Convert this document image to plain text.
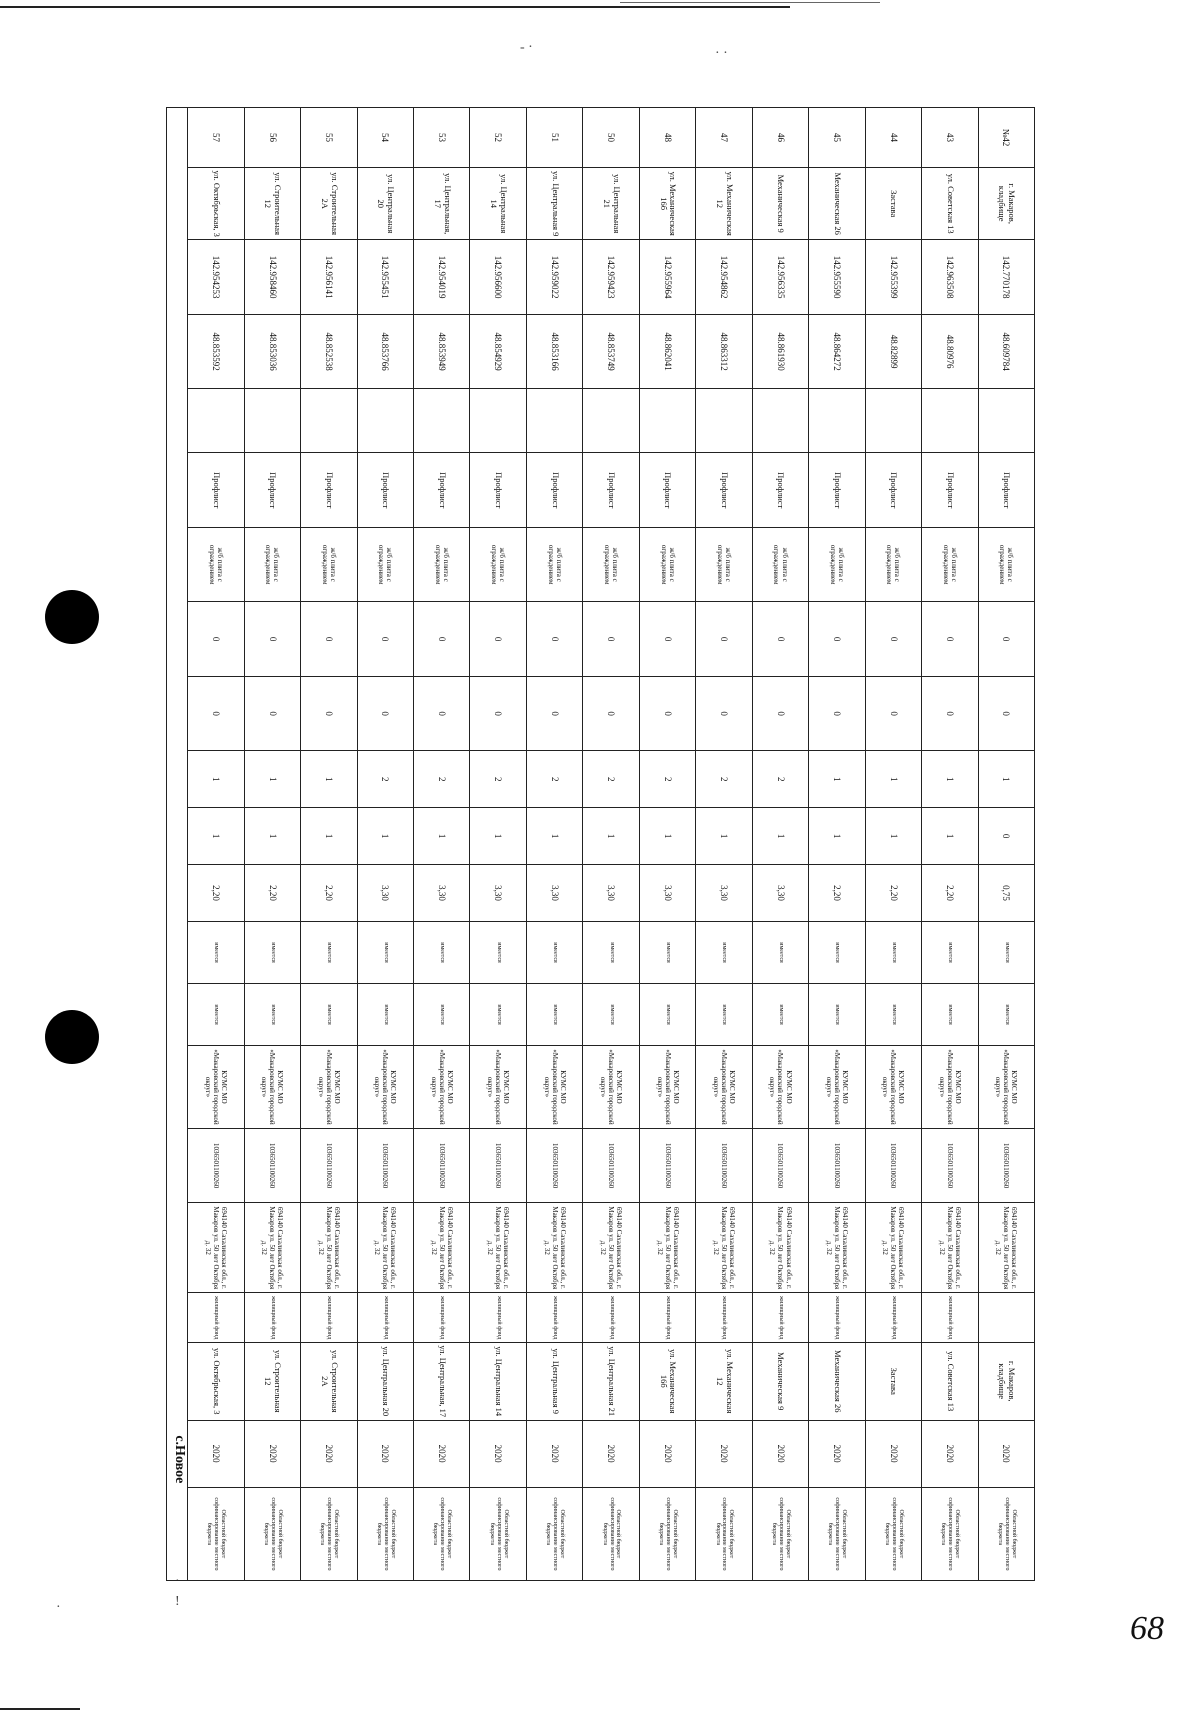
- ·	· ·
·	!
·
№42	г. Макаров, кладбище	142.770178	48.609784		Профлист	ж/б плита с ограждением	0	0	1	0	0,75	имеется	имеется	КУМС МО «Макаровский городской округ»	1036501100260	694140 Сахалинская обл., г. Макаров ул. 50 лет Октября д. 32		г. Макаров, кладбище	2020	Областной бюджет софинансирование местного бюджета
43	ул. Советская 13	142.963508	48.80976		Профлист	ж/б плита с ограждением	0	0	1	1	2,20	имеется	имеется	КУМС МО «Макаровский городской округ»	1036501100260	694140 Сахалинская обл., г. Макаров ул. 50 лет Октября д. 32	жилищный фонд	ул. Советская 13	2020	Областной бюджет софинансирование местного бюджета
44	Заставa	142.955399	48.82899		Профлист	ж/б плита с ограждением	0	0	1	1	2,20	имеется	имеется	КУМС МО «Макаровский городской округ»	1036501100260	694140 Сахалинская обл., г. Макаров ул. 50 лет Октября д. 32	жилищный фонд	Заставa	2020	Областной бюджет софинансирование местного бюджета
45	Механическая 26	142.955590	48.864272		Профлист	ж/б плита с ограждением	0	0	1	1	2,20	имеется	имеется	КУМС МО «Макаровский городской округ»	1036501100260	694140 Сахалинская обл., г. Макаров ул. 50 лет Октября д. 32	жилищный фонд	Механическая 26	2020	Областной бюджет софинансирование местного бюджета
46	Механическая 9	142.956335	48.861930		Профлист	ж/б плита с ограждением	0	0	2	1	3,30	имеется	имеется	КУМС МО «Макаровский городской округ»	1036501100260	694140 Сахалинская обл., г. Макаров ул. 50 лет Октября д. 32	жилищный фонд	Механическая 9	2020	Областной бюджет софинансирование местного бюджета
47	ул. Механическая 12	142.954862	48.863312		Профлист	ж/б плита с ограждением	0	0	2	1	3,30	имеется	имеется	КУМС МО «Макаровский городской округ»	1036501100260	694140 Сахалинская обл., г. Макаров ул. 50 лет Октября д. 32	жилищный фонд	ул. Механическая 12	2020	Областной бюджет софинансирование местного бюджета
48	ул. Механическая 16б	142.955964	48.862041		Профлист	ж/б плита с ограждением	0	0	2	1	3,30	имеется	имеется	КУМС МО «Макаровский городской округ»	1036501100260	694140 Сахалинская обл., г. Макаров ул. 50 лет Октября д. 32	жилищный фонд	ул. Механическая 16б	2020	Областной бюджет софинансирование местного бюджета
50	ул. Центральная 21	142.959423	48.853749		Профлист	ж/б плита с ограждением	0	0	2	1	3,30	имеется	имеется	КУМС МО «Макаровский городской округ»	1036501100260	694140 Сахалинская обл., г. Макаров ул. 50 лет Октября д. 32	жилищный фонд	ул. Центральная 21	2020	Областной бюджет софинансирование местного бюджета
51	ул. Центральная 9	142.959022	48.853166		Профлист	ж/б плита с ограждением	0	0	2	1	3,30	имеется	имеется	КУМС МО «Макаровский городской округ»	1036501100260	694140 Сахалинская обл., г. Макаров ул. 50 лет Октября д. 32	жилищный фонд	ул. Центральная 9	2020	Областной бюджет софинансирование местного бюджета
52	ул. Центральная 14	142.956600	48.854929		Профлист	ж/б плита с ограждением	0	0	2	1	3,30	имеется	имеется	КУМС МО «Макаровский городской округ»	1036501100260	694140 Сахалинская обл., г. Макаров ул. 50 лет Октября д. 32	жилищный фонд	ул. Центральная 14	2020	Областной бюджет софинансирование местного бюджета
53	ул. Центральная, 17	142.954019	48.853949		Профлист	ж/б плита с ограждением	0	0	2	1	3,30	имеется	имеется	КУМС МО «Макаровский городской округ»	1036501100260	694140 Сахалинская обл., г. Макаров ул. 50 лет Октября д. 32	жилищный фонд	ул. Центральная, 17	2020	Областной бюджет софинансирование местного бюджета
54	ул. Центральная 20	142.955451	48.853766		Профлист	ж/б плита с ограждением	0	0	2	1	3,30	имеется	имеется	КУМС МО «Макаровский городской округ»	1036501100260	694140 Сахалинская обл., г. Макаров ул. 50 лет Октября д. 32	жилищный фонд	ул. Центральная 20	2020	Областной бюджет софинансирование местного бюджета
55	ул. Строительная 2А	142.956141	48.852538		Профлист	ж/б плита с ограждением	0	0	1	1	2,20	имеется	имеется	КУМС МО «Макаровский городской округ»	1036501100260	694140 Сахалинская обл., г. Макаров ул. 50 лет Октября д. 32	жилищный фонд	ул. Строительная 2А	2020	Областной бюджет софинансирование местного бюджета
56	ул. Строительная 12	142.958460	48.853036		Профлист	ж/б плита с ограждением	0	0	1	1	2,20	имеется	имеется	КУМС МО «Макаровский городской округ»	1036501100260	694140 Сахалинская обл., г. Макаров ул. 50 лет Октября д. 32	жилищный фонд	ул. Строительная 12	2020	Областной бюджет софинансирование местного бюджета
57	ул. Октябрьская, 3	142.954253	48.853592		Профлист	ж/б плита с ограждением	0	0	1	1	2,20	имеется	имеется	КУМС МО «Макаровский городской округ»	1036501100260	694140 Сахалинская обл., г. Макаров ул. 50 лет Октября д. 32	жилищный фонд	ул. Октябрьская, 3	2020	Областной бюджет софинансирование местного бюджета
с.Новое																				
68
